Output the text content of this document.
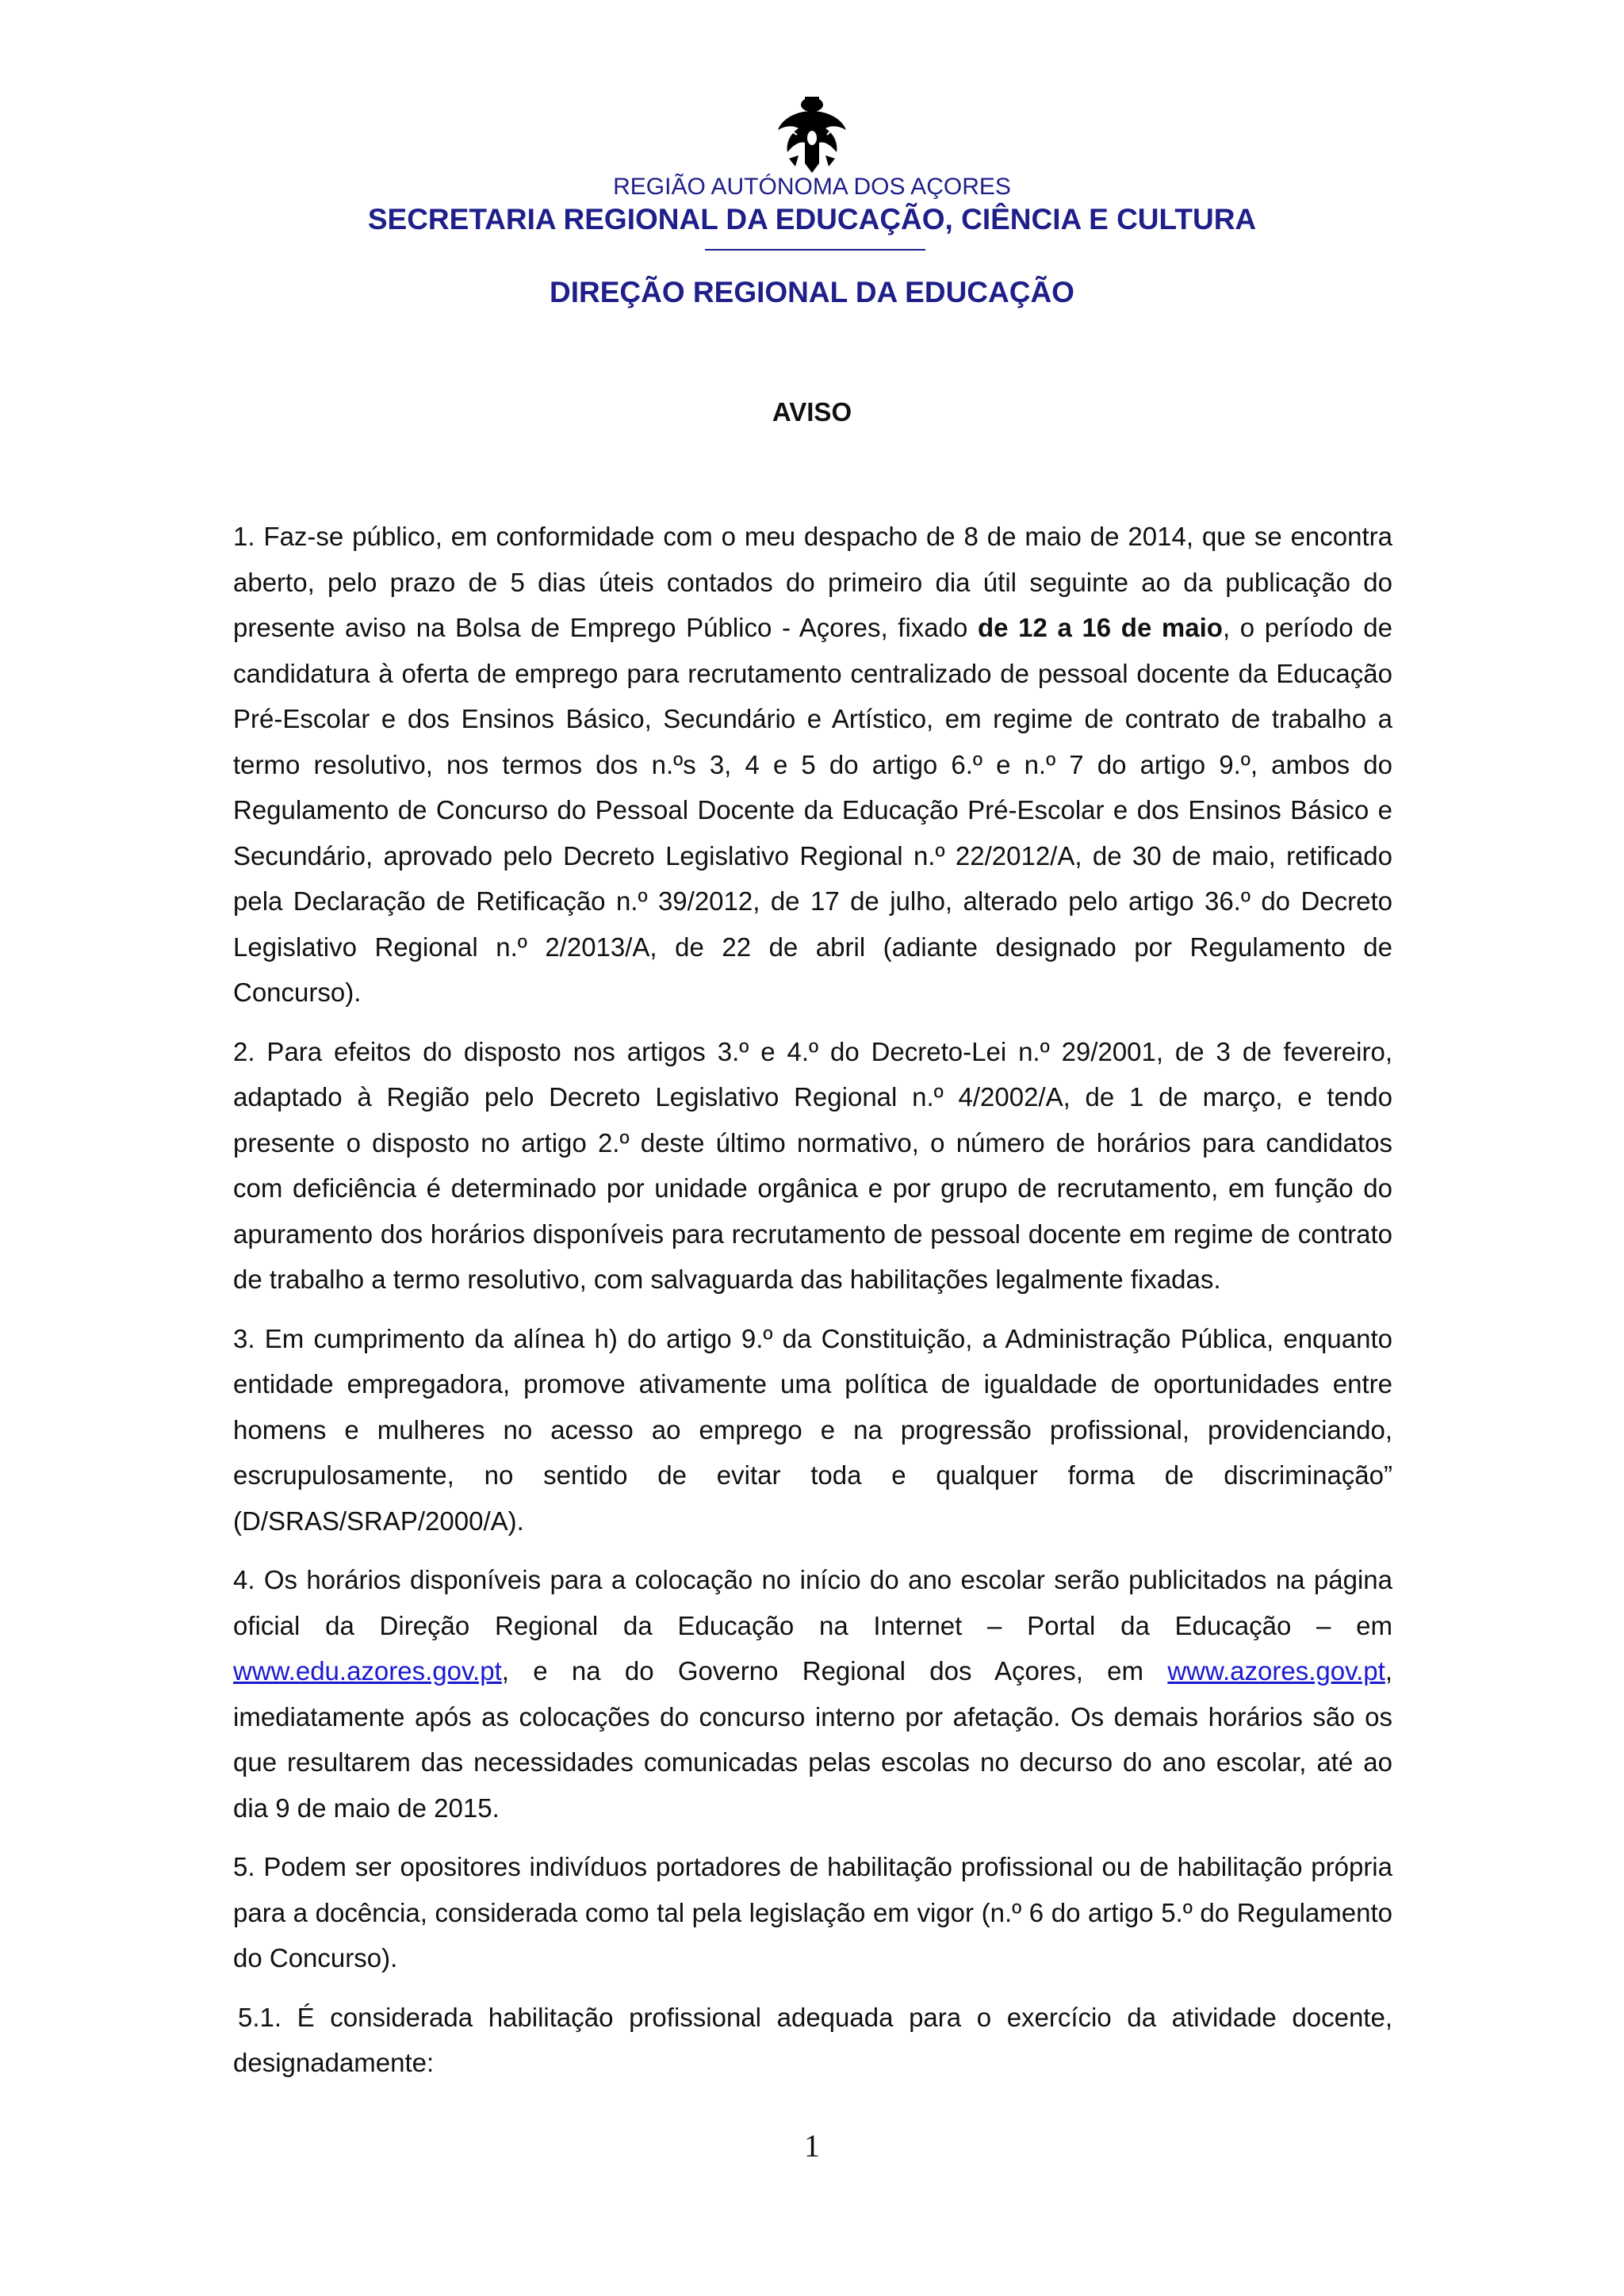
REGIÃO AUTÓNOMA DOS AÇORES
SECRETARIA REGIONAL DA EDUCAÇÃO, CIÊNCIA E CULTURA
DIREÇÃO REGIONAL DA EDUCAÇÃO
AVISO

1. Faz-se público, em conformidade com o meu despacho de 8 de maio de 2014, que se encontra aberto, pelo prazo de 5 dias úteis contados do primeiro dia útil seguinte ao da publicação do presente aviso na Bolsa de Emprego Público - Açores, fixado de 12 a 16 de maio, o período de candidatura à oferta de emprego para recrutamento centralizado de pessoal docente da Educação Pré-Escolar e dos Ensinos Básico, Secundário e Artístico, em regime de contrato de trabalho a termo resolutivo, nos termos dos n.ºs 3, 4 e 5 do artigo 6.º e n.º 7 do artigo 9.º, ambos do Regulamento de Concurso do Pessoal Docente da Educação Pré-Escolar e dos Ensinos Básico e Secundário, aprovado pelo Decreto Legislativo Regional n.º 22/2012/A, de 30 de maio, retificado pela Declaração de Retificação n.º 39/2012, de 17 de julho, alterado pelo artigo 36.º do Decreto Legislativo Regional n.º 2/2013/A, de 22 de abril (adiante designado por Regulamento de Concurso).

2. Para efeitos do disposto nos artigos 3.º e 4.º do Decreto-Lei n.º 29/2001, de 3 de fevereiro, adaptado à Região pelo Decreto Legislativo Regional n.º 4/2002/A, de 1 de março, e tendo presente o disposto no artigo 2.º deste último normativo, o número de horários para candidatos com deficiência é determinado por unidade orgânica e por grupo de recrutamento, em função do apuramento dos horários disponíveis para recrutamento de pessoal docente em regime de contrato de trabalho a termo resolutivo, com salvaguarda das habilitações legalmente fixadas.

3. Em cumprimento da alínea h) do artigo 9.º da Constituição, a Administração Pública, enquanto entidade empregadora, promove ativamente uma política de igualdade de oportunidades entre homens e mulheres no acesso ao emprego e na progressão profissional, providenciando, escrupulosamente, no sentido de evitar toda e qualquer forma de discriminação” (D/SRAS/SRAP/2000/A).

4. Os horários disponíveis para a colocação no início do ano escolar serão publicitados na página oficial da Direção Regional da Educação na Internet – Portal da Educação – em www.edu.azores.gov.pt, e na do Governo Regional dos Açores, em www.azores.gov.pt, imediatamente após as colocações do concurso interno por afetação. Os demais horários são os que resultarem das necessidades comunicadas pelas escolas no decurso do ano escolar, até ao dia 9 de maio de 2015.

5. Podem ser opositores indivíduos portadores de habilitação profissional ou de habilitação própria para a docência, considerada como tal pela legislação em vigor (n.º 6 do artigo 5.º do Regulamento do Concurso).

5.1. É considerada habilitação profissional adequada para o exercício da atividade docente, designadamente:

1
